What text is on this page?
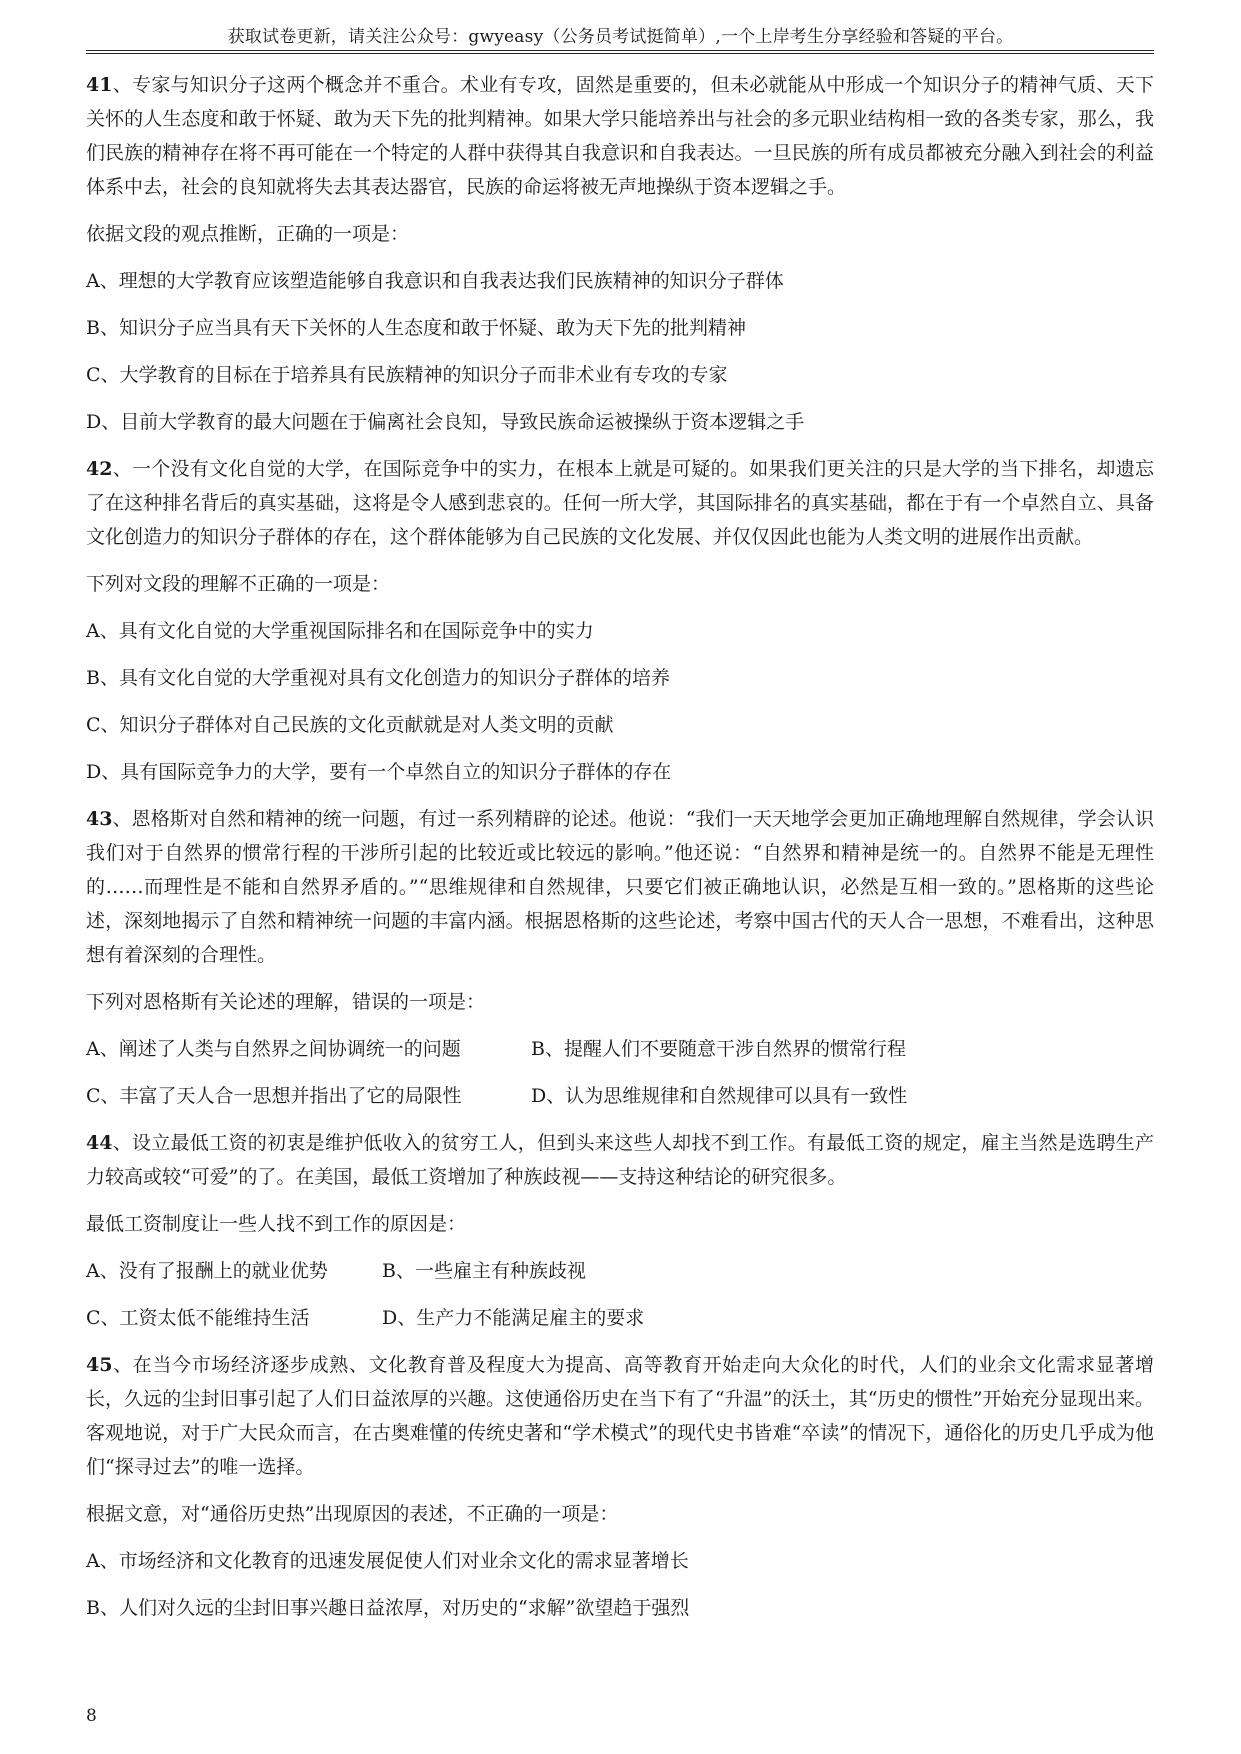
获取试卷更新，请关注公众号：gwyeasy（公务员考试挺简单）,一个上岸考生分享经验和答疑的平台。

41、专家与知识分子这两个概念并不重合。术业有专攻，固然是重要的，但未必就能从中形成一个知识分子的精神气质、天下关怀的人生态度和敢于怀疑、敢为天下先的批判精神。如果大学只能培养出与社会的多元职业结构相一致的各类专家，那么，我们民族的精神存在将不再可能在一个特定的人群中获得其自我意识和自我表达。一旦民族的所有成员都被充分融入到社会的利益体系中去，社会的良知就将失去其表达器官，民族的命运将被无声地操纵于资本逻辑之手。

依据文段的观点推断，正确的一项是：

A、理想的大学教育应该塑造能够自我意识和自我表达我们民族精神的知识分子群体

B、知识分子应当具有天下关怀的人生态度和敢于怀疑、敢为天下先的批判精神

C、大学教育的目标在于培养具有民族精神的知识分子而非术业有专攻的专家

D、目前大学教育的最大问题在于偏离社会良知，导致民族命运被操纵于资本逻辑之手

42、一个没有文化自觉的大学，在国际竞争中的实力，在根本上就是可疑的。如果我们更关注的只是大学的当下排名，却遗忘了在这种排名背后的真实基础，这将是令人感到悲哀的。任何一所大学，其国际排名的真实基础，都在于有一个卓然自立、具备文化创造力的知识分子群体的存在，这个群体能够为自己民族的文化发展、并仅仅因此也能为人类文明的进展作出贡献。

下列对文段的理解不正确的一项是：

A、具有文化自觉的大学重视国际排名和在国际竞争中的实力

B、具有文化自觉的大学重视对具有文化创造力的知识分子群体的培养

C、知识分子群体对自己民族的文化贡献就是对人类文明的贡献

D、具有国际竞争力的大学，要有一个卓然自立的知识分子群体的存在

43、恩格斯对自然和精神的统一问题，有过一系列精辟的论述。他说：“我们一天天地学会更加正确地理解自然规律，学会认识我们对于自然界的惯常行程的干涉所引起的比较近或比较远的影响。”他还说：“自然界和精神是统一的。自然界不能是无理性的……而理性是不能和自然界矛盾的。”“思维规律和自然规律，只要它们被正确地认识，必然是互相一致的。”恩格斯的这些论述，深刻地揭示了自然和精神统一问题的丰富内涵。根据恩格斯的这些论述，考察中国古代的天人合一思想，不难看出，这种思想有着深刻的合理性。

下列对恩格斯有关论述的理解，错误的一项是：

A、阐述了人类与自然界之间协调统一的问题	B、提醒人们不要随意干涉自然界的惯常行程
C、丰富了天人合一思想并指出了它的局限性	D、认为思维规律和自然规律可以具有一致性

44、设立最低工资的初衷是维护低收入的贫穷工人，但到头来这些人却找不到工作。有最低工资的规定，雇主当然是选聘生产力较高或较“可爱”的了。在美国，最低工资增加了种族歧视——支持这种结论的研究很多。

最低工资制度让一些人找不到工作的原因是：

A、没有了报酬上的就业优势	B、一些雇主有种族歧视
C、工资太低不能维持生活	D、生产力不能满足雇主的要求

45、在当今市场经济逐步成熟、文化教育普及程度大为提高、高等教育开始走向大众化的时代，人们的业余文化需求显著增长，久远的尘封旧事引起了人们日益浓厚的兴趣。这使通俗历史在当下有了“升温”的沃土，其“历史的惯性”开始充分显现出来。客观地说，对于广大民众而言，在古奥难懂的传统史著和“学术模式”的现代史书皆难“卒读”的情况下，通俗化的历史几乎成为他们“探寻过去”的唯一选择。

根据文意，对“通俗历史热”出现原因的表述，不正确的一项是：

A、市场经济和文化教育的迅速发展促使人们对业余文化的需求显著增长

B、人们对久远的尘封旧事兴趣日益浓厚，对历史的“求解”欲望趋于强烈

8
